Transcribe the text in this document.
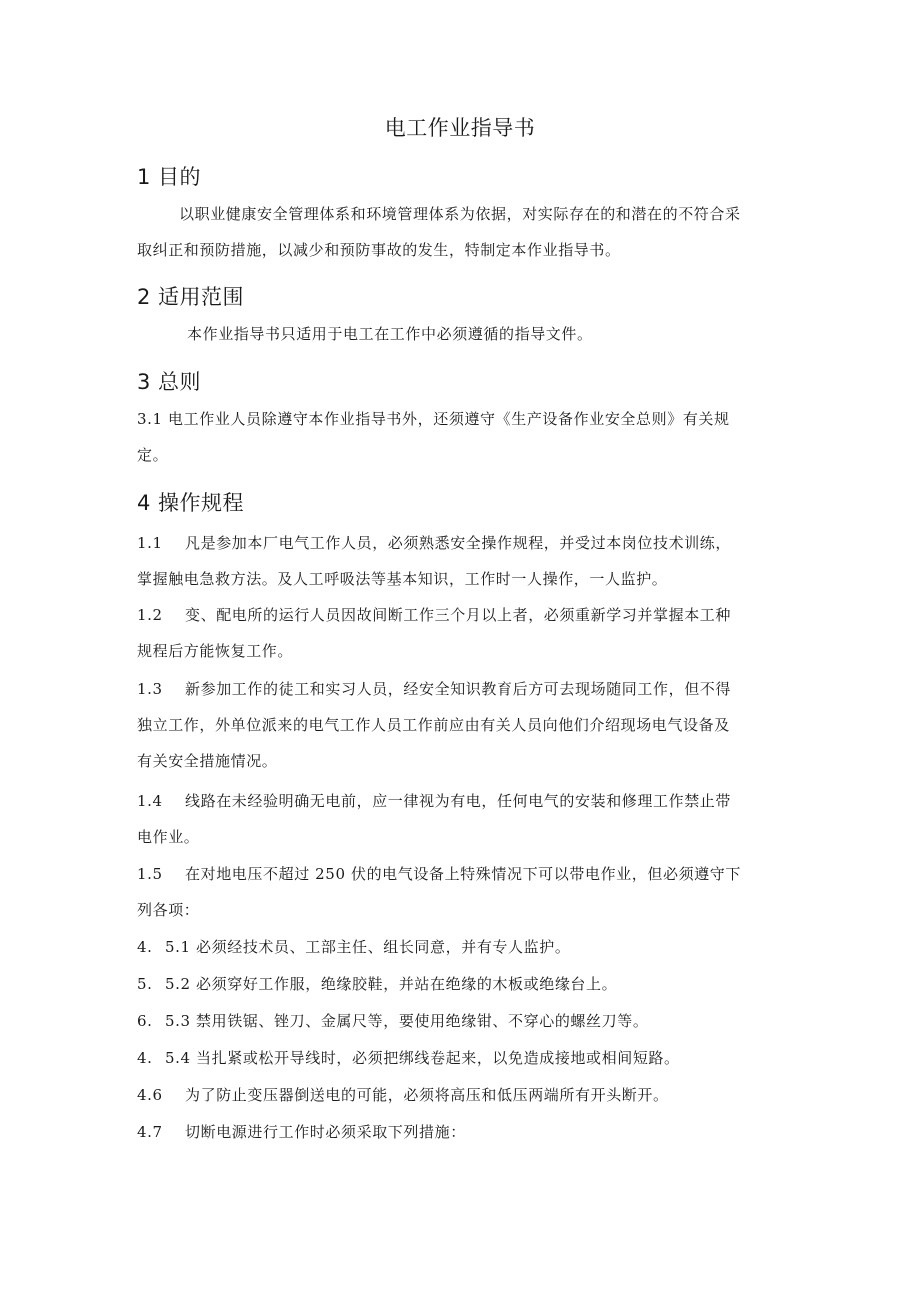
电工作业指导书
1 目的
以职业健康安全管理体系和环境管理体系为依据，对实际存在的和潜在的不符合采
取纠正和预防措施，以减少和预防事故的发生，特制定本作业指导书。
2 适用范围
本作业指导书只适用于电工在工作中必须遵循的指导文件。
3 总则
3.1 电工作业人员除遵守本作业指导书外，还须遵守《生产设备作业安全总则》有关规
定。
4 操作规程
1.1 凡是参加本厂电气工作人员，必须熟悉安全操作规程，并受过本岗位技术训练，
掌握触电急救方法。及人工呼吸法等基本知识，工作时一人操作，一人监护。
1.2 变、配电所的运行人员因故间断工作三个月以上者，必须重新学习并掌握本工种
规程后方能恢复工作。
1.3 新参加工作的徒工和实习人员，经安全知识教育后方可去现场随同工作，但不得
独立工作，外单位派来的电气工作人员工作前应由有关人员向他们介绍现场电气设备及
有关安全措施情况。
1.4 线路在未经验明确无电前，应一律视为有电，任何电气的安装和修理工作禁止带
电作业。
1.5 在对地电压不超过 250 伏的电气设备上特殊情况下可以带电作业，但必须遵守下
列各项：
4. 5.1 必须经技术员、工部主任、组长同意，并有专人监护。
5. 5.2 必须穿好工作服，绝缘胶鞋，并站在绝缘的木板或绝缘台上。
6. 5.3 禁用铁锯、锉刀、金属尺等，要使用绝缘钳、不穿心的螺丝刀等。
4. 5.4 当扎紧或松开导线时，必须把绑线卷起来，以免造成接地或相间短路。
4.6 为了防止变压器倒送电的可能，必须将高压和低压两端所有开头断开。
4.7 切断电源进行工作时必须采取下列措施：
